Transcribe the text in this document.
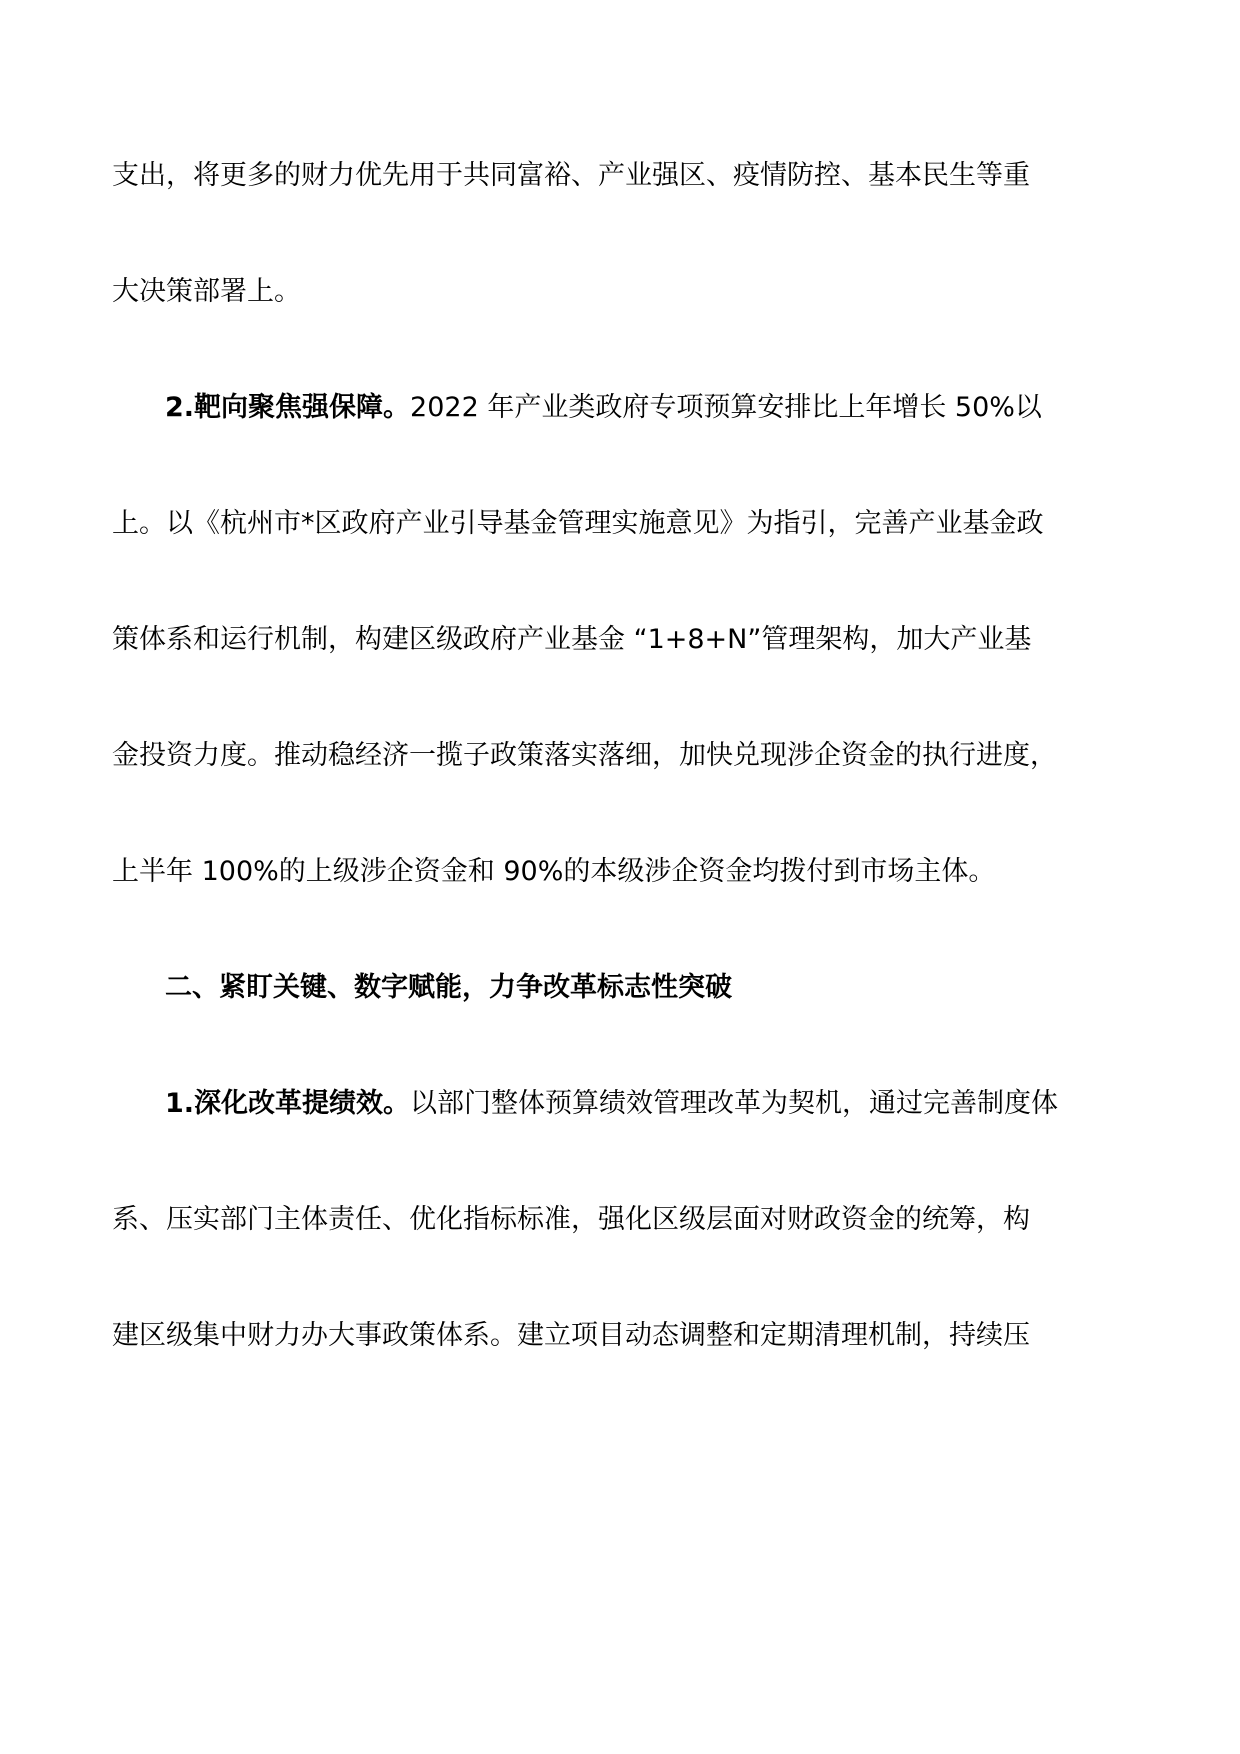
支出，将更多的财力优先用于共同富裕、产业强区、疫情防控、基本民生等重
大决策部署上。
2.靶向聚焦强保障。2022 年产业类政府专项预算安排比上年增长 50%以
上。以《杭州市*区政府产业引导基金管理实施意见》为指引，完善产业基金政
策体系和运行机制，构建区级政府产业基金 “1+8+N”管理架构，加大产业基
金投资力度。推动稳经济一揽子政策落实落细，加快兑现涉企资金的执行进度，
上半年 100%的上级涉企资金和 90%的本级涉企资金均拨付到市场主体。
二、紧盯关键、数字赋能，力争改革标志性突破
1.深化改革提绩效。以部门整体预算绩效管理改革为契机，通过完善制度体
系、压实部门主体责任、优化指标标准，强化区级层面对财政资金的统筹，构
建区级集中财力办大事政策体系。建立项目动态调整和定期清理机制，持续压
